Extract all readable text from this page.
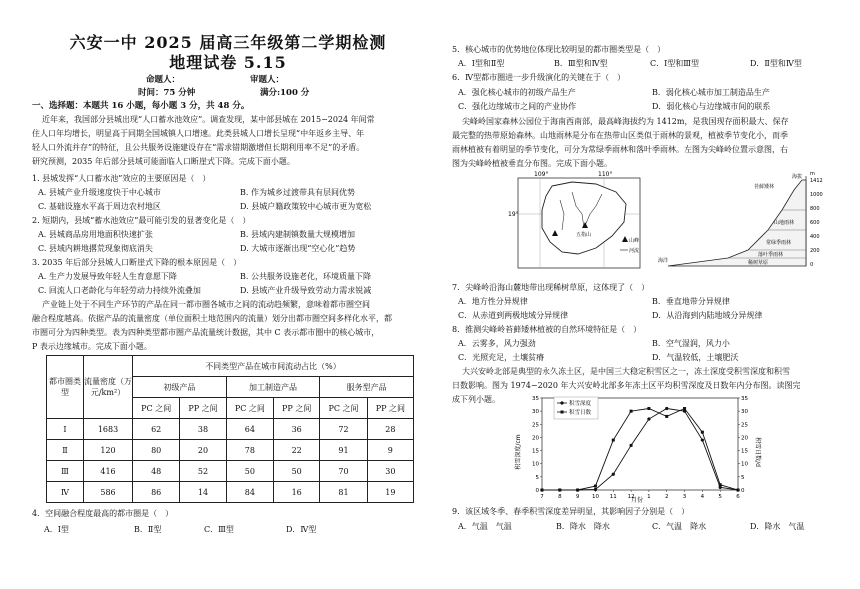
六安一中 2025 届高三年级第二学期检测
地理试卷 5.15
命题人：	审题人：
时间：75 分钟	满分:100 分
一、选择题：本题共 16 小题，每小题 3 分，共 48 分。
近年来，我国部分县城出现“人口蓄水池效应”。调查发现，某中部县城在 2015−2024 年间常
住人口年均增长，明显高于同期全国城镇人口增速。此类县城人口增长呈现“中年返乡主导、年
轻人口外流并存”的特征，且公共服务设施建设存在“需求错期激增但长期利用率不足”的矛盾。
研究预测，2035 年后部分县域可能面临人口断崖式下降。完成下面小题。
1. 县城发挥“人口蓄水池”效应的主要原因是（　）
A. 县城产业升级速度快于中心城市	B. 作为城乡过渡带具有层间优势
C. 基础设施水平高于周边农村地区	D. 县城户籍政策较中心城市更为宽松
2. 短期内，县域“蓄水池效应”最可能引发的显著变化是（　）
A. 县城商品房用地面积快速扩张	B. 县域内建制镇数量大规模增加
C. 县域内耕地撂荒现象彻底消失	D. 大城市逐渐出现“空心化”趋势
3. 2035 年后部分县城人口断崖式下降的根本原因是（　）
A. 生产力发展导致年轻人生育意愿下降	B. 公共服务设施老化，环境质量下降
C. 回流人口老龄化与年轻劳动力持续外流叠加	D. 县域产业升级导致劳动力需求锐减
产业链上处于不同生产环节的产品在同一都市圈各城市之间的流动趋频繁，意味着都市圈空间
融合程度越高。依据产品的流量密度（单位面积土地范围内的流量）划分出都市圈空间多样化水平，都
市圈可分为四种类型。表为四种类型都市圈产品流量统计数据，其中 C 表示都市圈中的核心城市，
P 表示边缘城市。完成下面小题。
都市圈类型	流量密度（万元/km²）	不同类型产品在城市间流动占比（%）					
		初级产品		加工制造产品		服务型产品	
		PC 之间	PP 之间	PC 之间	PP 之间	PC 之间	PP 之间
Ⅰ	1683	62	38	64	36	72	28
Ⅱ	120	80	20	78	22	91	9
Ⅲ	416	48	52	50	50	70	30
Ⅳ	586	86	14	84	16	81	19
4．空间融合程度最高的都市圈是（　）
A．Ⅰ型	B．Ⅱ型	C．Ⅲ型	D．Ⅳ型
5．核心城市的优势地位体现比较明显的都市圈类型是（　）
A．Ⅰ型和Ⅱ型	B．Ⅲ型和Ⅳ型	C．Ⅰ型和Ⅲ型	D．Ⅱ型和Ⅳ型
6．Ⅳ型都市圈进一步升级演化的关键在于（　）
A．强化核心城市的初级产品生产	B．弱化核心城市加工制造品生产
C．强化边缘城市之间的产业协作	D．弱化核心与边缘城市间的联系
尖峰岭国家森林公园位于海南西南部，最高峰海拔约为 1412m，是我国现存面积最大、保存
最完整的热带原始森林。山地雨林是分布在热带山区类似于雨林的景观，植被季节变化小，而季
雨林植被有着明显的季节变化，可分为常绿季雨林和落叶季雨林。左图为尖峰岭位置示意图，右
图为尖峰岭植被垂直分布图。完成下面小题。
109°	110°
19°
五指山
山峰
河流
海拔 m
1412
1000
800
600
400
200
0
苔藓矮林
山地雨林
常绿季雨林
落叶季雨林
稀树草原
海洋
7．尖峰岭沿海山麓地带出现稀树草原，这体现了（　）
A．地方性分异规律	B．垂直地带分异规律
C．从赤道到两极地域分异规律	D．从沿海到内陆地域分异规律
8．推测尖峰岭苔藓矮林植被的自然环境特征是（　）
A．云雾多，风力强劲	B．空气湿润，风力小
C．光照充足，土壤贫瘠	D．气温较低，土壤肥沃
大兴安岭北部是典型的永久冻土区，是中国三大稳定积雪区之一，冻土深度受积雪深度和积雪
日数影响。图为 1974−2020 年大兴安岭北部多年冻土区平均积雪深度及日数年内分布图。读图完
成下列小题。
0	0
5	5
10	10
15	15
20	20
25	25
30	30
35	35
7	8	9 10 11 12 1	2	3	4	5	6
积雪深度
积雪日数
积雪深度/cm	积雪日数/d
月份
9．该区域冬季、春季积雪深度差异明显，其影响因子分别是（　）
A．气温　气温	B．降水　降水	C．气温　降水	D．降水　气温
